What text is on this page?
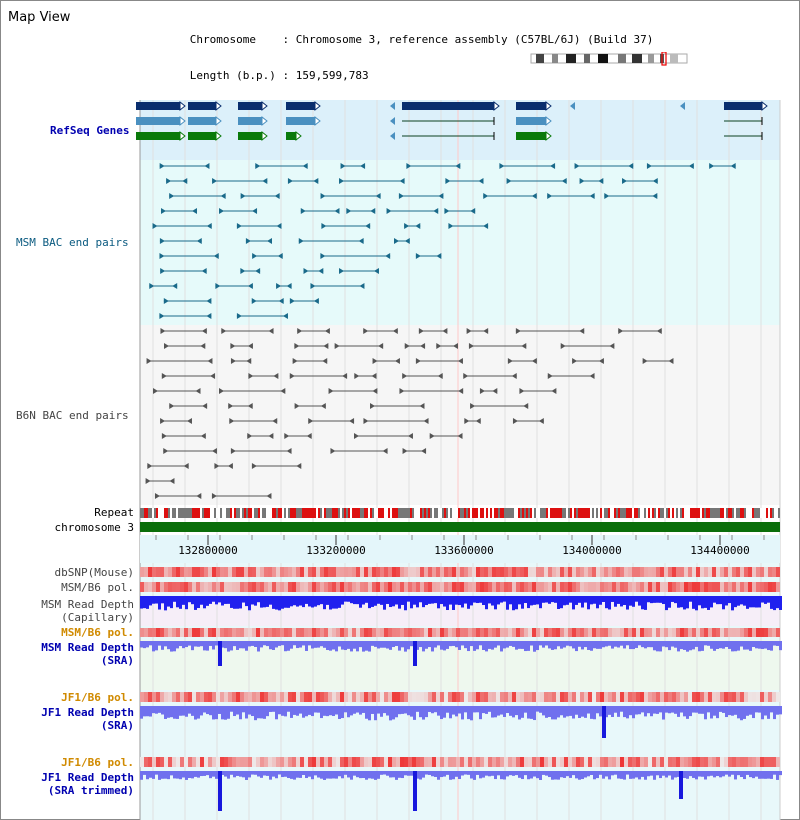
Map View

Chromosome    : Chromosome 3, reference assembly (C57BL/6J) (Build 37)

Length (b.p.) : 159,599,783

132800000	133200000	133600000	134000000	134400000
RefSeq Genes
MSM BAC end pairs
B6N BAC end pairs
Repeat
chromosome 3
dbSNP(Mouse)
MSM/B6 pol.
MSM Read Depth
(Capillary)
MSM/B6 pol.
MSM Read Depth
(SRA)
JF1/B6 pol.
JF1 Read Depth
(SRA)
JF1/B6 pol.
JF1 Read Depth
(SRA trimmed)
